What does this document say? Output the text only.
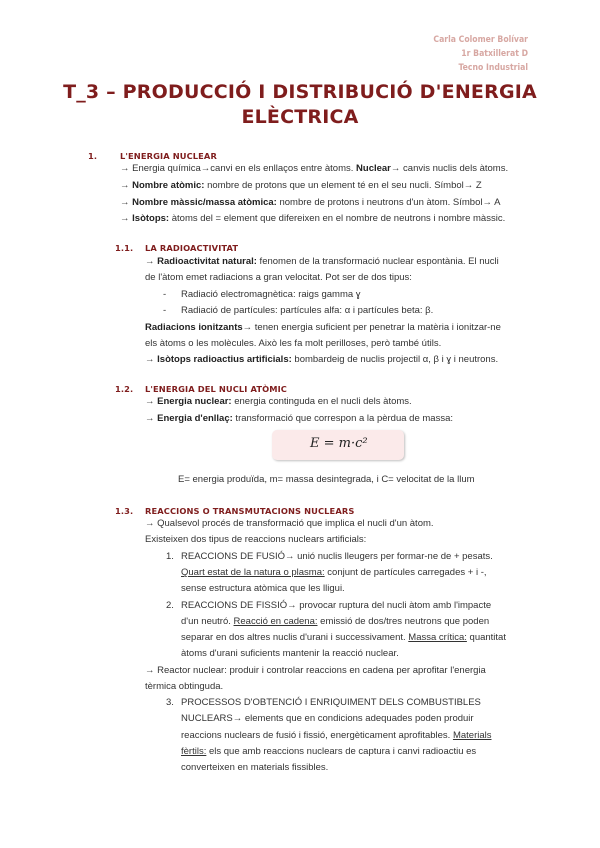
Carla Colomer Bolívar
1r Batxillerat D
Tecno Industrial
T_3 – PRODUCCIÓ I DISTRIBUCIÓ D'ENERGIA
ELÈCTRICA
1.	L'ENERGIA NUCLEAR
→ Energia química→canvi en els enllaços entre àtoms. Nuclear→ canvis nuclis dels àtoms.
→ Nombre atòmic: nombre de protons que un element té en el seu nucli. Símbol→ Z
→ Nombre màssic/massa atòmica: nombre de protons i neutrons d'un àtom. Símbol→ A
→ Isòtops: àtoms del = element que difereixen en el nombre de neutrons i nombre màssic.
1.1. LA RADIOACTIVITAT
→ Radioactivitat natural: fenomen de la transformació nuclear espontània. El nucli
de l'àtom emet radiacions a gran velocitat. Pot ser de dos tipus:
- Radiació electromagnètica: raigs gamma ɣ
- Radiació de partícules: partícules alfa: α i partícules beta: β.
Radiacions ionitzants→ tenen energia suficient per penetrar la matèria i ionitzar-ne
els àtoms o les molècules. Això les fa molt perilloses, però també útils.
→ Isòtops radioactius artificials: bombardeig de nuclis projectil α, β i ɣ i neutrons.
1.2. L'ENERGIA DEL NUCLI ATÒMIC
→ Energia nuclear: energia continguda en el nucli dels àtoms.
→ Energia d'enllaç: transformació que correspon a la pèrdua de massa:
E = m·c²
E= energia produïda, m= massa desintegrada, i C= velocitat de la llum
1.3. REACCIONS O TRANSMUTACIONS NUCLEARS
→ Qualsevol procés de transformació que implica el nucli d'un àtom.
Existeixen dos tipus de reaccions nuclears artificials:
1. REACCIONS DE FUSIÓ→ unió nuclis lleugers per formar-ne de + pesats.
Quart estat de la natura o plasma: conjunt de partícules carregades + i -,
sense estructura atòmica que les lligui.
2. REACCIONS DE FISSIÓ→ provocar ruptura del nucli àtom amb l'impacte
d'un neutró. Reacció en cadena: emissió de dos/tres neutrons que poden
separar en dos altres nuclis d'urani i successivament. Massa crítica: quantitat
àtoms d'urani suficients mantenir la reacció nuclear.
→ Reactor nuclear: produir i controlar reaccions en cadena per aprofitar l'energia
tèrmica obtinguda.
3. PROCESSOS D'OBTENCIÓ I ENRIQUIMENT DELS COMBUSTIBLES
NUCLEARS→ elements que en condicions adequades poden produir
reaccions nuclears de fusió i fissió, energèticament aprofitables. Materials
fèrtils: els que amb reaccions nuclears de captura i canvi radioactiu es
converteixen en materials fissibles.
